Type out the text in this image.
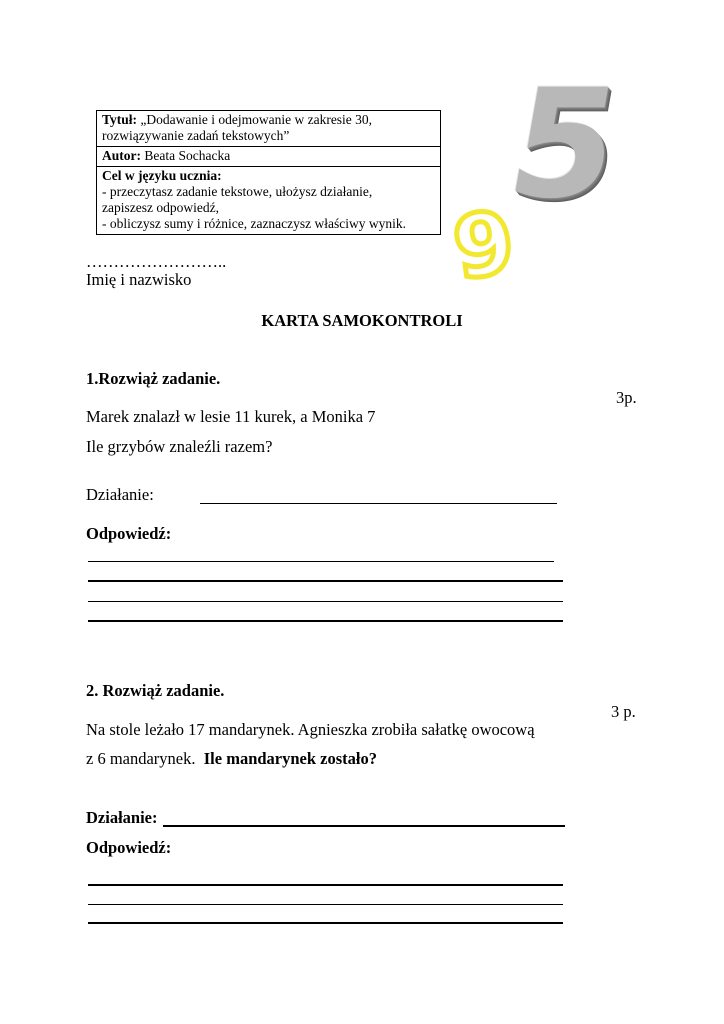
Tytuł: „Dodawanie i odejmowanie w zakresie 30,
rozwiązywanie zadań tekstowych”
Autor: Beata Sochacka
Cel w języku ucznia:
- przeczytasz zadanie tekstowe, ułożysz działanie,
zapiszesz odpowiedź,
- obliczysz sumy i różnice, zaznaczysz właściwy wynik. 5
9
……………………..
Imię i nazwisko
KARTA SAMOKONTROLI
1.Rozwiąż zadanie.
3p.
Marek znalazł w lesie 11 kurek, a Monika 7
Ile grzybów znaleźli razem?
Działanie:
Odpowiedź:
2. Rozwiąż zadanie.
3 p.
Na stole leżało 17 mandarynek. Agnieszka zrobiła sałatkę owocową
z 6 mandarynek. Ile mandarynek zostało?
Działanie:
Odpowiedź:
